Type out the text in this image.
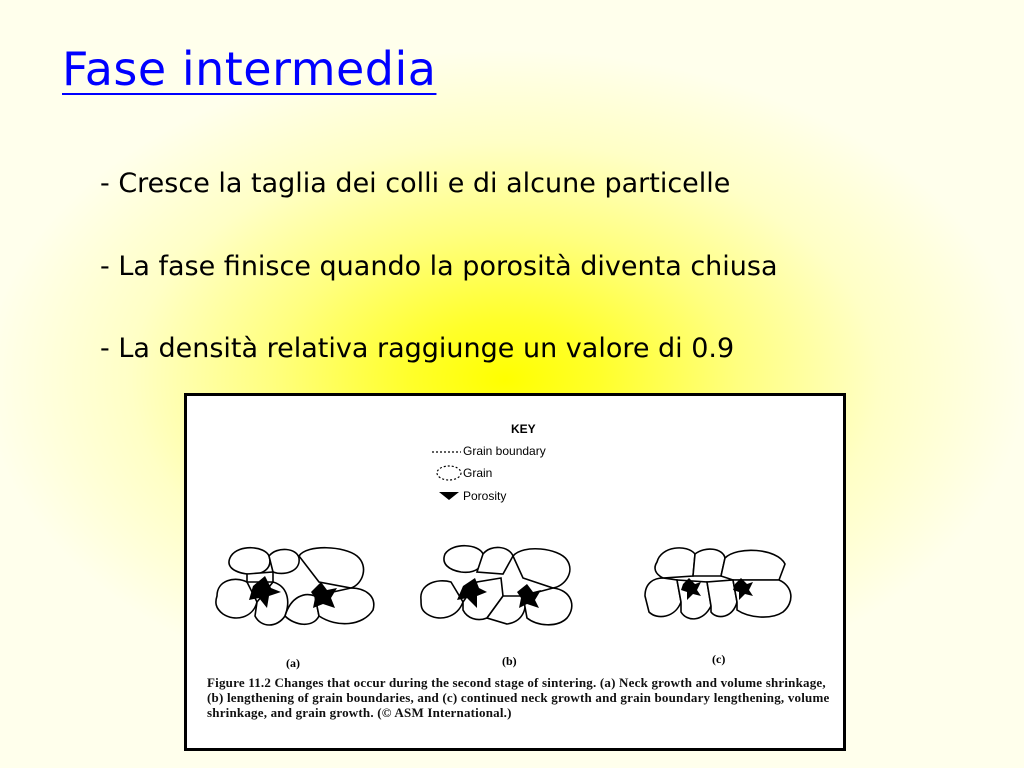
Fase intermedia
- Cresce la taglia dei colli e di alcune particelle
- La fase finisce quando la porosità diventa chiusa
- La densità relativa raggiunge un valore di 0.9
KEY
Grain boundary
Grain
Porosity
(a)	(b)	(c)
Figure 11.2 Changes that occur during the second stage of sintering. (a) Neck growth and volume shrinkage, (b) lengthening of grain boundaries, and (c) continued neck growth and grain boundary lengthening, volume shrinkage, and grain growth. (© ASM International.)
